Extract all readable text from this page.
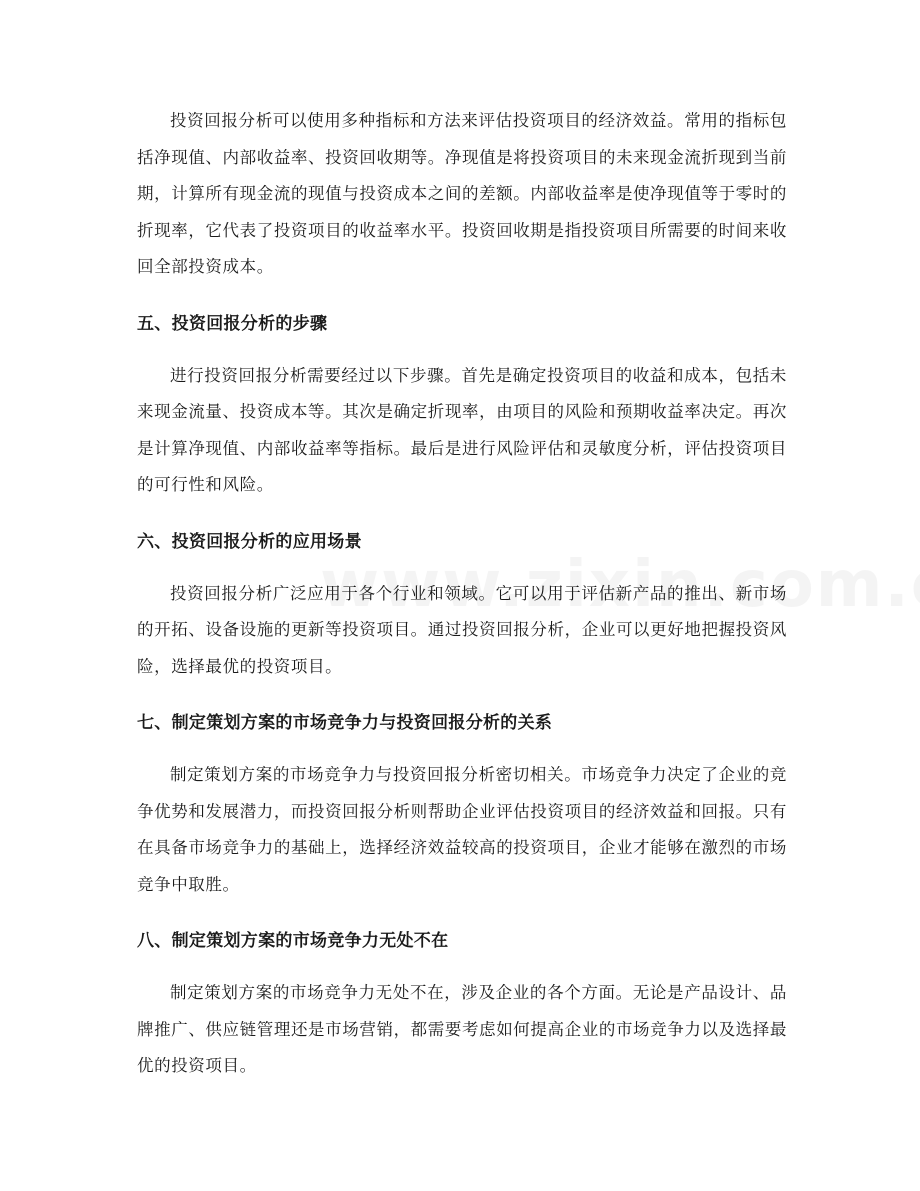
投资回报分析可以使用多种指标和方法来评估投资项目的经济效益。常用的指标包括净现值、内部收益率、投资回收期等。净现值是将投资项目的未来现金流折现到当前期，计算所有现金流的现值与投资成本之间的差额。内部收益率是使净现值等于零时的折现率，它代表了投资项目的收益率水平。投资回收期是指投资项目所需要的时间来收回全部投资成本。

五、投资回报分析的步骤

进行投资回报分析需要经过以下步骤。首先是确定投资项目的收益和成本，包括未来现金流量、投资成本等。其次是确定折现率，由项目的风险和预期收益率决定。再次是计算净现值、内部收益率等指标。最后是进行风险评估和灵敏度分析，评估投资项目的可行性和风险。

六、投资回报分析的应用场景

投资回报分析广泛应用于各个行业和领域。它可以用于评估新产品的推出、新市场的开拓、设备设施的更新等投资项目。通过投资回报分析，企业可以更好地把握投资风险，选择最优的投资项目。

七、制定策划方案的市场竞争力与投资回报分析的关系

制定策划方案的市场竞争力与投资回报分析密切相关。市场竞争力决定了企业的竞争优势和发展潜力，而投资回报分析则帮助企业评估投资项目的经济效益和回报。只有在具备市场竞争力的基础上，选择经济效益较高的投资项目，企业才能够在激烈的市场竞争中取胜。

八、制定策划方案的市场竞争力无处不在

制定策划方案的市场竞争力无处不在，涉及企业的各个方面。无论是产品设计、品牌推广、供应链管理还是市场营销，都需要考虑如何提高企业的市场竞争力以及选择最优的投资项目。
